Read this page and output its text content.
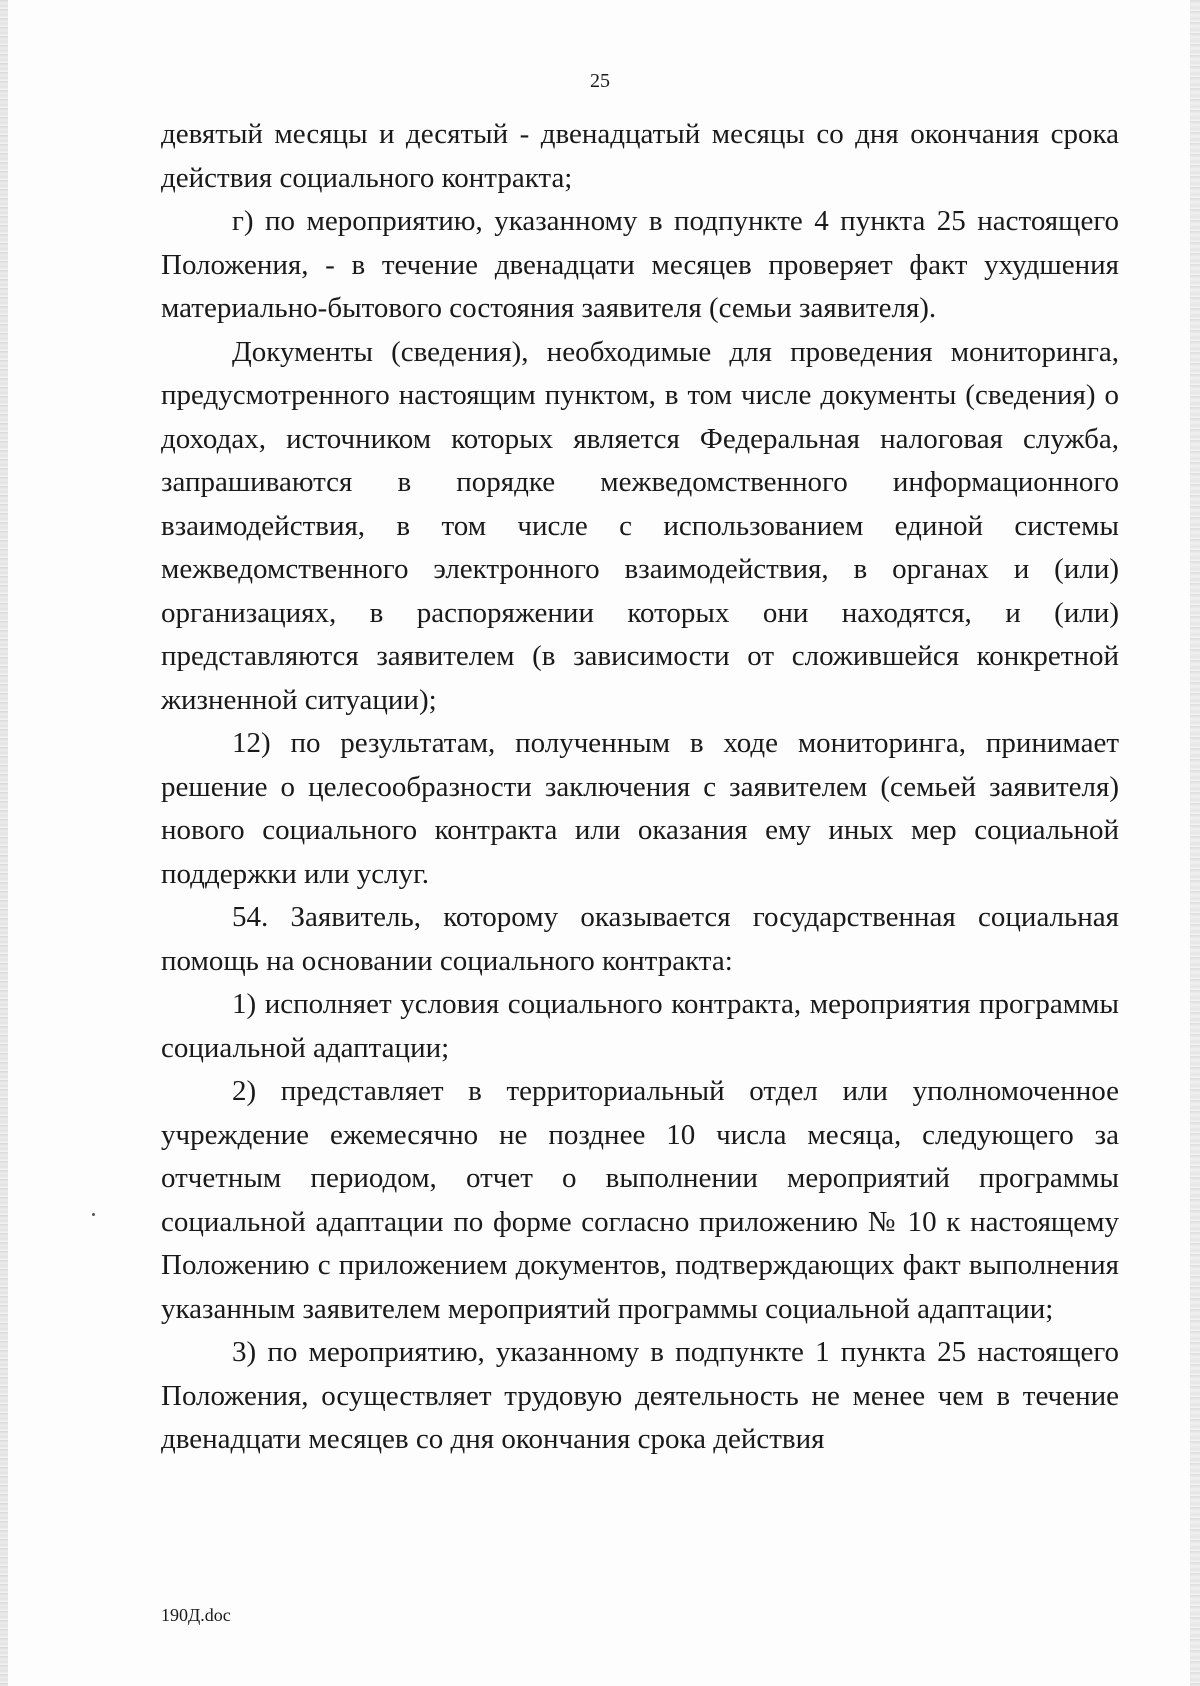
25

девятый месяцы и десятый - двенадцатый месяцы со дня окончания срока действия социального контракта;

г) по мероприятию, указанному в подпункте 4 пункта 25 настоящего Положения, - в течение двенадцати месяцев проверяет факт ухудшения материально-бытового состояния заявителя (семьи заявителя).

Документы (сведения), необходимые для проведения мониторинга, предусмотренного настоящим пунктом, в том числе документы (сведения) о доходах, источником которых является Федеральная налоговая служба, запрашиваются в порядке межведомственного информационного взаимодействия, в том числе с использованием единой системы межведомственного электронного взаимодействия, в органах и (или) организациях, в распоряжении которых они находятся, и (или) представляются заявителем (в зависимости от сложившейся конкретной жизненной ситуации);

12) по результатам, полученным в ходе мониторинга, принимает решение о целесообразности заключения с заявителем (семьей заявителя) нового социального контракта или оказания ему иных мер социальной поддержки или услуг.

54. Заявитель, которому оказывается государственная социальная помощь на основании социального контракта:

1) исполняет условия социального контракта, мероприятия программы социальной адаптации;

2) представляет в территориальный отдел или уполномоченное учреждение ежемесячно не позднее 10 числа месяца, следующего за отчетным периодом, отчет о выполнении мероприятий программы социальной адаптации по форме согласно приложению № 10 к настоящему Положению с приложением документов, подтверждающих факт выполнения указанным заявителем мероприятий программы социальной адаптации;

3) по мероприятию, указанному в подпункте 1 пункта 25 настоящего Положения, осуществляет трудовую деятельность не менее чем в течение двенадцати месяцев со дня окончания срока действия

190Д.doc
